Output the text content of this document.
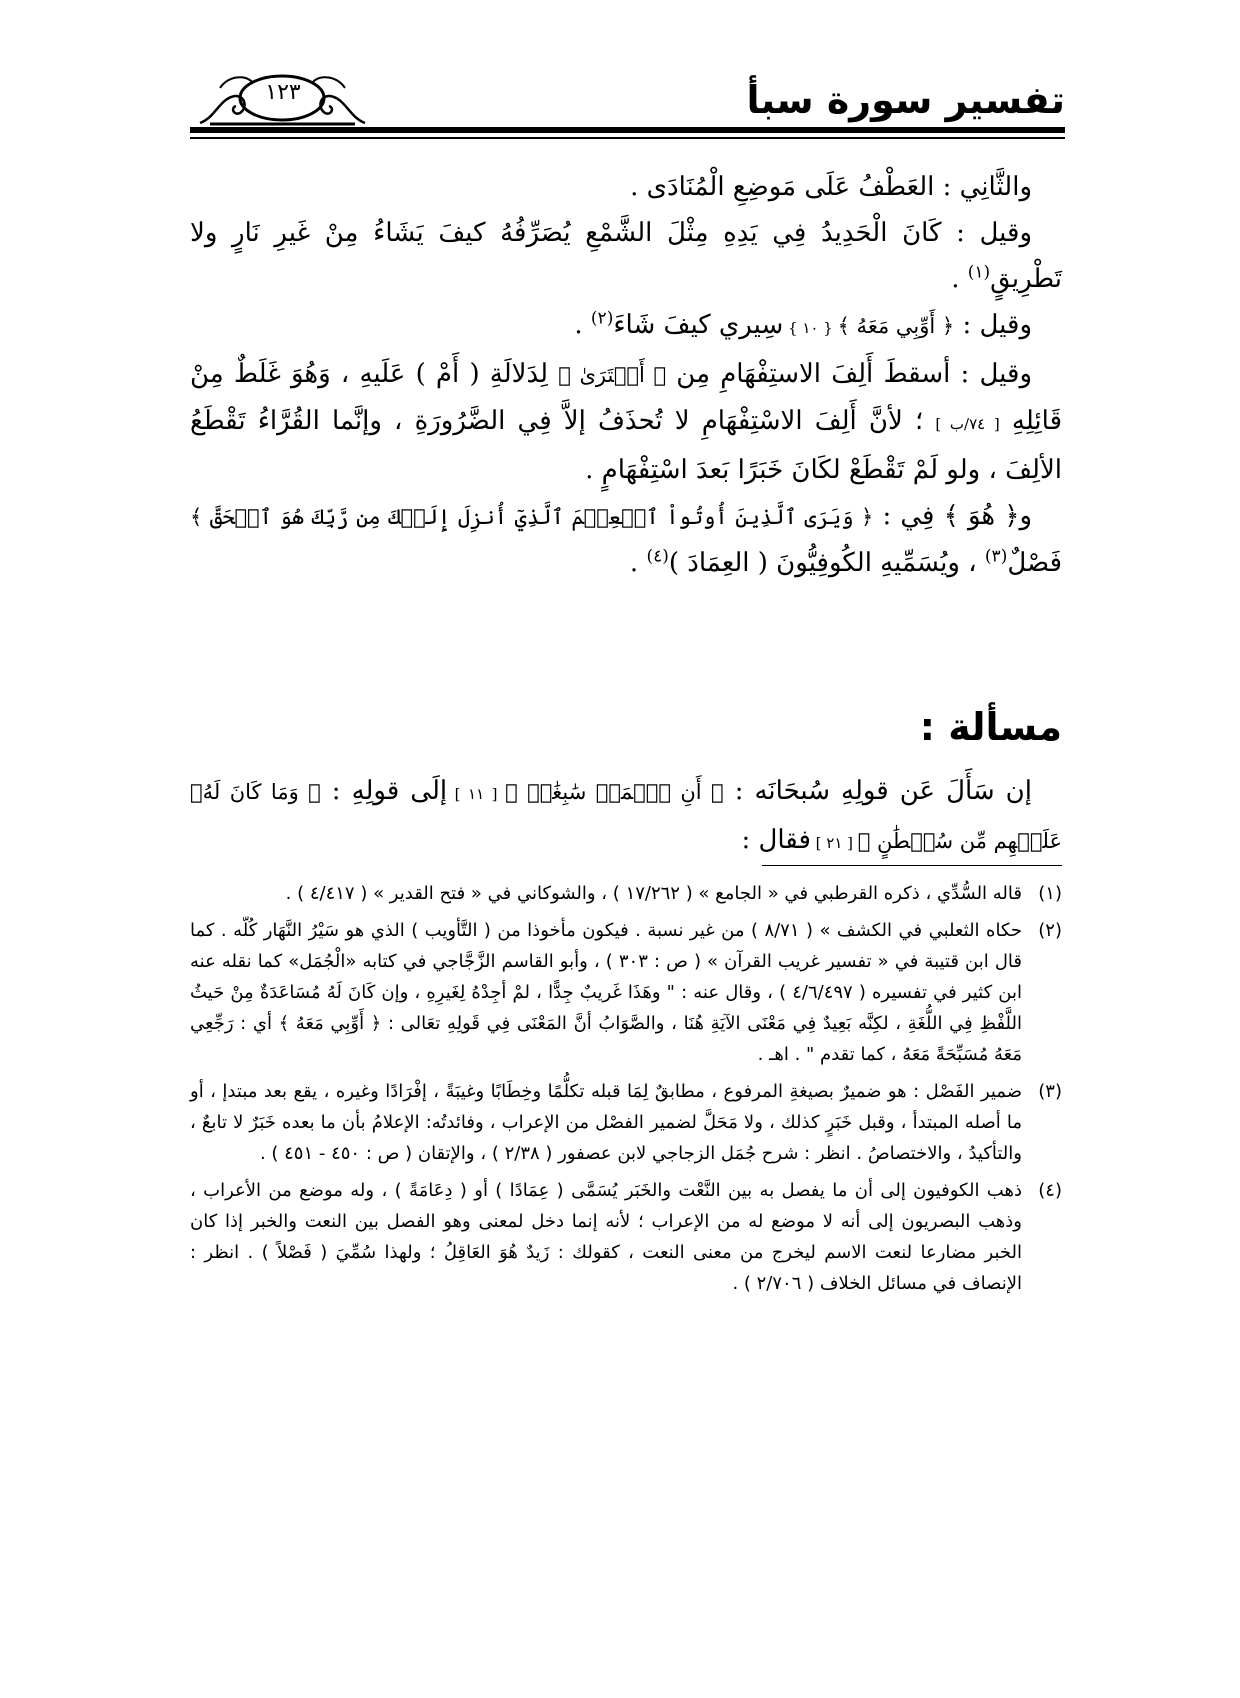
تفسير سورة سبأ
١٢٣

والثَّانِي : العَطْفُ عَلَى مَوضِعِ الْمُنَادَى .

وقيل : كَانَ الْحَدِيدُ فِي يَدِهِ مِثْلَ الشَّمْعِ يُصَرِّفُهُ كيفَ يَشَاءُ مِنْ غَيرِ نَارٍ ولا تَطْرِيقٍ$^{(١)}$ .

وقيل : ﴿ أَوِّبِي مَعَهُ ﴾ { ١٠ } سِيري كيفَ شَاءَ$^{(٢)}$ .

وقيل : أسقطَ أَلِفَ الاستِفْهَامِ مِن ﴿ أَفۡتَرَىٰ ﴾ لِدَلالَةِ ( أَمْ ) عَلَيهِ ، وَهُوَ غَلَطٌ مِنْ قَائِلِهِ [ ٧٤/ب ] ؛ لأنَّ أَلِفَ الاسْتِفْهَامِ لا تُحذَفُ إلاَّ فِي الضَّرُورَةِ ، وإنَّما القُرَّاءُ تَقْطَعُ الألِفَ ، ولو لَمْ تَقْطَعْ لكَانَ خَبَرًا بَعدَ اسْتِفْهَامٍ .

و﴿ هُوَ ﴾ فِي : ﴿ وَيَرَى ٱلَّذِينَ أُوتُواْ ٱلۡعِلۡمَ ٱلَّذِيٓ أُنزِلَ إِلَيۡكَ مِن رَّبِّكَ هُوَ ٱلۡحَقَّ ﴾ فَصْلٌ$^{(٣)}$ ، ويُسَمِّيهِ الكُوفِيُّونَ ( العِمَادَ )$^{(٤)}$ .

مسألة :

إن سَأَلَ عَن قولِهِ سُبحَانَه : ﴿ أَنِ ٱعۡمَلۡ سَٰبِغَٰتٖ ﴾ [ ١١ ] إلَى قولِهِ : ﴿ وَمَا كَانَ لَهُۥ عَلَيۡهِم مِّن سُلۡطَٰنٍ ﴾ [ ٢١ ] فقال :

(١)
قاله السُّدِّي ، ذكره القرطبي في « الجامع » ( ١٧/٢٦٢ ) ، والشوكاني في « فتح القدير » ( ٤/٤١٧ ) .
(٢)
حكاه الثعلبي في الكشف » ( ٨/٧١ ) من غير نسبة . فيكون مأخوذا من ( التَّأويب ) الذي هو سَيْرُ النَّهَار كُلّه . كما قال ابن قتيبة في « تفسير غريب القرآن » ( ص : ٣٠٣ ) ، وأبو القاسم الزَّجَّاجي في كتابه «الْجُمَل» كما نقله عنه ابن كثير في تفسيره ( ٤/٦/٤٩٧ ) ، وقال عنه : " وهَذَا غَريبٌ جِدًّا ، لمْ أجِدْهُ لِغَيرِهِ ، وإن كَانَ لَهُ مُسَاعَدَةٌ مِنْ حَيثُ اللَّفْظِ فِي اللُّغَةِ ، لكِنَّه بَعِيدٌ فِي مَعْنَى الآيَةِ هُنَا ، والصَّوَابُ أنَّ المَعْنَى فِي قَولِهِ تعَالى : ﴿ أَوِّبِي مَعَهُ ﴾ أي : رَجِّعِي مَعَهُ مُسَبِّحَةً مَعَهُ ، كما تقدم " . اهـ .
(٣)
ضمير الفَصْل : هو ضميرٌ بصيغةِ المرفوع ، مطابقٌ لِمَا قبله تكلُّمًا وخِطَابًا وغيبَةً ، إفْرَادًا وغيره ، يقع بعد مبتدإ ، أو ما أصله المبتدأ ، وقبل خَبَرٍ كذلك ، ولا مَحَلَّ لضمير الفصْل من الإعراب ، وفائدتُه: الإعلامُ بأن ما بعده خَبَرٌ لا تابعٌ ، والتأكيدُ ، والاختصاصُ . انظر : شرح جُمَل الزجاجي لابن عصفور ( ٢/٣٨ ) ، والإتقان ( ص : ٤٥٠ - ٤٥١ ) .
(٤)
ذهب الكوفيون إلى أن ما يفصل به بين النَّعْت والخَبَر يُسَمَّى ( عِمَادًا ) أو ( دِعَامَةً ) ، وله موضع من الأعراب ، وذهب البصريون إلى أنه لا موضع له من الإعراب ؛ لأنه إنما دخل لمعنى وهو الفصل بين النعت والخبر إذا كان الخبر مضارعا لنعت الاسم ليخرج من معنى النعت ، كقولك : زَيدٌ هُوَ العَاقِلُ ؛ ولهذا سُمِّيَ ( فَصْلاً ) . انظر : الإنصاف في مسائل الخلاف ( ٢/٧٠٦ ) .
